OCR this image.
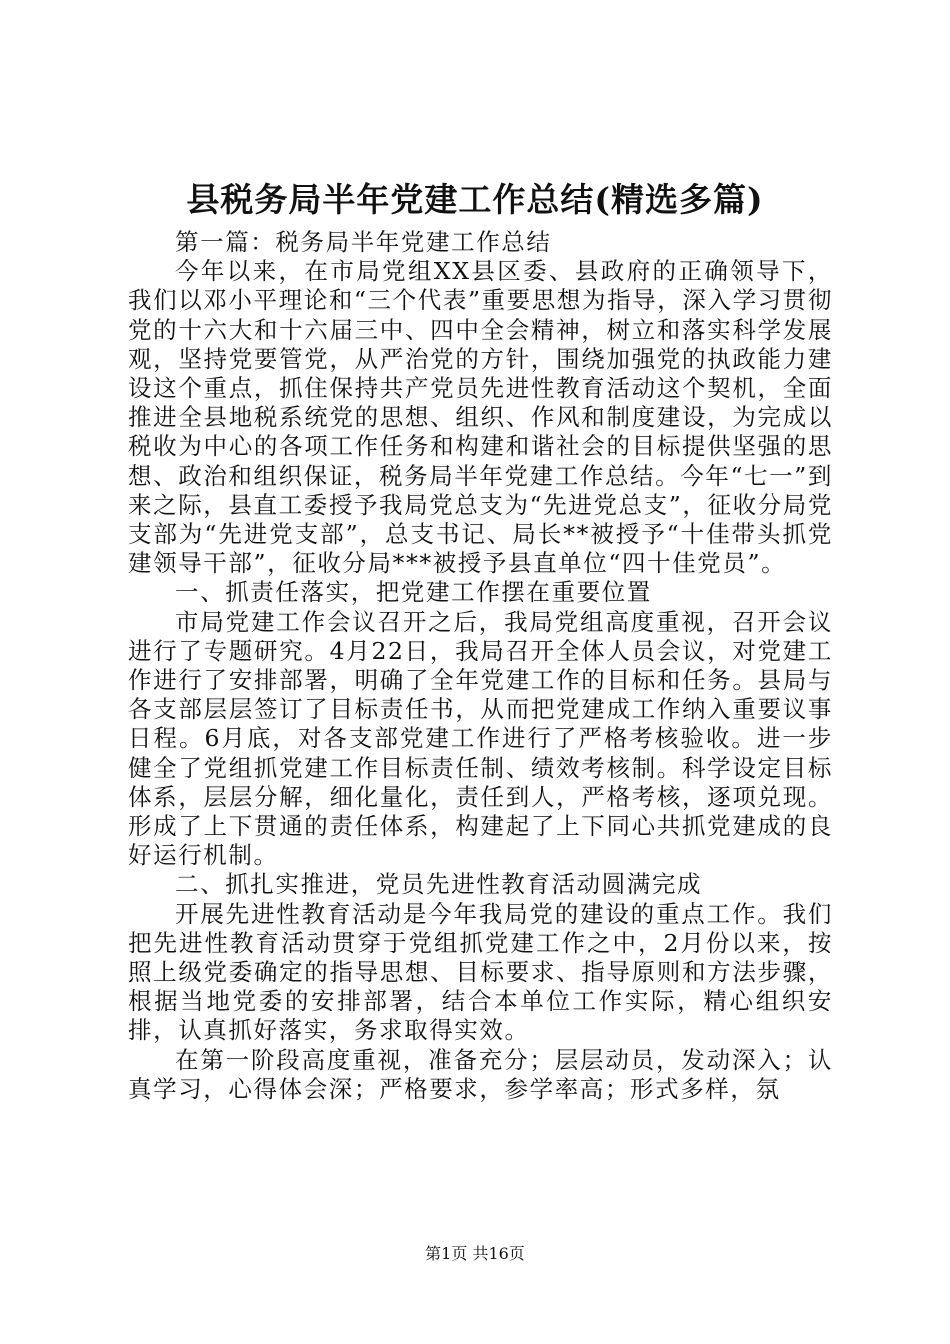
县税务局半年党建工作总结(精选多篇)

第一篇：税务局半年党建工作总结

今年以来，在市局党组XX县区委、县政府的正确领导下，我们以邓小平理论和“三个代表”重要思想为指导，深入学习贯彻党的十六大和十六届三中、四中全会精神，树立和落实科学发展观，坚持党要管党，从严治党的方针，围绕加强党的执政能力建设这个重点，抓住保持共产党员先进性教育活动这个契机，全面推进全县地税系统党的思想、组织、作风和制度建设，为完成以税收为中心的各项工作任务和构建和谐社会的目标提供坚强的思想、政治和组织保证，税务局半年党建工作总结。今年“七一”到来之际，县直工委授予我局党总支为“先进党总支”，征收分局党支部为“先进党支部”，总支书记、局长**被授予“十佳带头抓党建领导干部”，征收分局***被授予县直单位“四十佳党员”。

一、抓责任落实，把党建工作摆在重要位置

市局党建工作会议召开之后，我局党组高度重视，召开会议进行了专题研究。4月22日，我局召开全体人员会议，对党建工作进行了安排部署，明确了全年党建工作的目标和任务。县局与各支部层层签订了目标责任书，从而把党建成工作纳入重要议事日程。6月底，对各支部党建工作进行了严格考核验收。进一步健全了党组抓党建工作目标责任制、绩效考核制。科学设定目标体系，层层分解，细化量化，责任到人，严格考核，逐项兑现。形成了上下贯通的责任体系，构建起了上下同心共抓党建成的良好运行机制。

二、抓扎实推进，党员先进性教育活动圆满完成

开展先进性教育活动是今年我局党的建设的重点工作。我们把先进性教育活动贯穿于党组抓党建工作之中，2月份以来，按照上级党委确定的指导思想、目标要求、指导原则和方法步骤，根据当地党委的安排部署，结合本单位工作实际，精心组织安排，认真抓好落实，务求取得实效。

在第一阶段高度重视，准备充分；层层动员，发动深入；认真学习，心得体会深；严格要求，参学率高；形式多样，氛

第1页 共16页
